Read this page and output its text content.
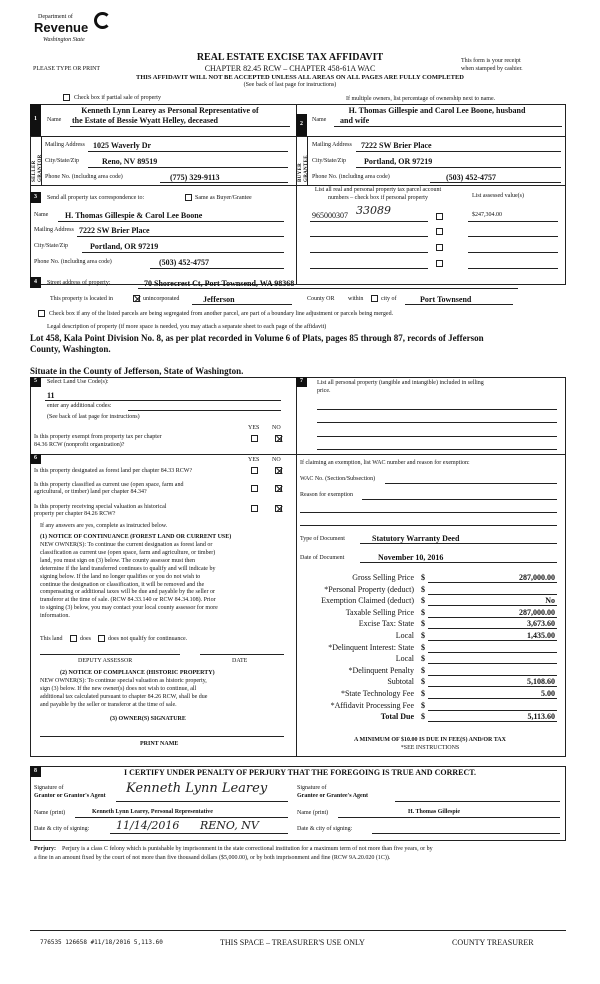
Department of
Revenue
Washington State
REAL ESTATE EXCISE TAX AFFIDAVIT
CHAPTER 82.45 RCW – CHAPTER 458-61A WAC
PLEASE TYPE OR PRINT
This form is your receipt
when stamped by cashier.
THIS AFFIDAVIT WILL NOT BE ACCEPTED UNLESS ALL AREAS ON ALL PAGES ARE FULLY COMPLETED
(See back of last page for instructions)
Check box if partial sale of property	If multiple owners, list percentage of ownership next to name.
1
Kenneth Lynn Learey as Personal Representative of
Name the Estate of Bessie Wyatt Helley, deceased
SELLER GRANTOR
Mailing Address 1025 Waverly Dr
City/State/Zip	Reno, NV 89519
Phone No. (including area code)	(775) 329-9113
2
H. Thomas Gillespie and Carol Lee Boone, husband
Name and wife
BUYER GRANTEE
Mailing Address 7222 SW Brier Place
City/State/Zip Portland, OR 97219
Phone No. (including area code)	(503) 452-4757
3	Send all property tax correspondence to:	Same as Buyer/Grantee
Name H. Thomas Gillespie & Carol Lee Boone
Mailing Address 7222 SW Brier Place
City/State/Zip	Portland, OR 97219
Phone No. (including area code)	(503) 452-4757
List all real and personal property tax parcel account
numbers – check box if personal property	List assessed value(s)
965000307 33089	$247,304.00
4	Street address of property:	70 Shorecrest Ct, Port Townsend, WA 98368
This property is located in	unincorporated	Jefferson	County OR within	city of	Port Townsend
Check box if any of the listed parcels are being segregated from another parcel, are part of a boundary line adjustment or parcels being merged.
Legal description of property (if more space is needed, you may attach a separate sheet to each page of the affidavit)
Lot 458, Kala Point Division No. 8, as per plat recorded in Volume 6 of Plats, pages 85 through 87, records of Jefferson
County, Washington.
Situate in the County of Jefferson, State of Washington.
5	Select Land Use Code(s):
11
enter any additional codes:
(See back of last page for instructions)
YES NO
Is this property exempt from property tax per chapter
84.36 RCW (nonprofit organization)?
7	List all personal property (tangible and intangible) included in selling
price.
6	YES NO
Is this property designated as forest land per chapter 84.33 RCW?
Is this property classified as current use (open space, farm and
agricultural, or timber) land per chapter 84.34?
Is this property receiving special valuation as historical
property per chapter 84.26 RCW?
If any answers are yes, complete as instructed below.
(1) NOTICE OF CONTINUANCE (FOREST LAND OR CURRENT USE)
NEW OWNER(S): To continue the current designation as forest land or
classification as current use (open space, farm and agriculture, or timber)
land, you must sign on (3) below. The county assessor must then
determine if the land transferred continues to qualify and will indicate by
signing below. If the land no longer qualifies or you do not wish to
continue the designation or classification, it will be removed and the
compensating or additional taxes will be due and payable by the seller or
transferor at the time of sale. (RCW 84.33.140 or RCW 84.34.108). Prior
to signing (3) below, you may contact your local county assessor for more
information.
This land	does	does not qualify for continuance.
DEPUTY ASSESSOR	DATE
(2) NOTICE OF COMPLIANCE (HISTORIC PROPERTY)
NEW OWNER(S): To continue special valuation as historic property,
sign (3) below. If the new owner(s) does not wish to continue, all
additional tax calculated pursuant to chapter 84.26 RCW, shall be due
and payable by the seller or transferor at the time of sale.
(3) OWNER(S) SIGNATURE
PRINT NAME
If claiming an exemption, list WAC number and reason for exemption:
WAC No. (Section/Subsection)
Reason for exemption
Type of Document	Statutory Warranty Deed
Date of Document	November 10, 2016
Gross Selling Price $	287,000.00
*Personal Property (deduct) $
Exemption Claimed (deduct) $	No
Taxable Selling Price $	287,000.00
Excise Tax: State $	3,673.60
Local $	1,435.00
*Delinquent Interest: State $
Local $
*Delinquent Penalty $
Subtotal $	5,108.60
*State Technology Fee $	5.00
*Affidavit Processing Fee $
Total Due $	5,113.60
A MINIMUM OF $10.00 IS DUE IN FEE(S) AND/OR TAX
*SEE INSTRUCTIONS
8	I CERTIFY UNDER PENALTY OF PERJURY THAT THE FOREGOING IS TRUE AND CORRECT.
Signature of
Grantor or Grantor's Agent Kenneth Lynn Learey	Signature of
Grantee or Grantee's Agent
Name (print)	Kenneth Lynn Learey, Personal Representative	Name (print)	H. Thomas Gillespie
Date & city of signing: 11/14/2016 RENO, NV	Date & city of signing:
Perjury: Perjury is a class C felony which is punishable by imprisonment in the state correctional institution for a maximum term of not more than five years, or by
a fine in an amount fixed by the court of not more than five thousand dollars ($5,000.00), or by both imprisonment and fine (RCW 9A.20.020 (1C)).
776535 126658 #11/18/2016 5,113.60	THIS SPACE – TREASURER'S USE ONLY	COUNTY TREASURER
